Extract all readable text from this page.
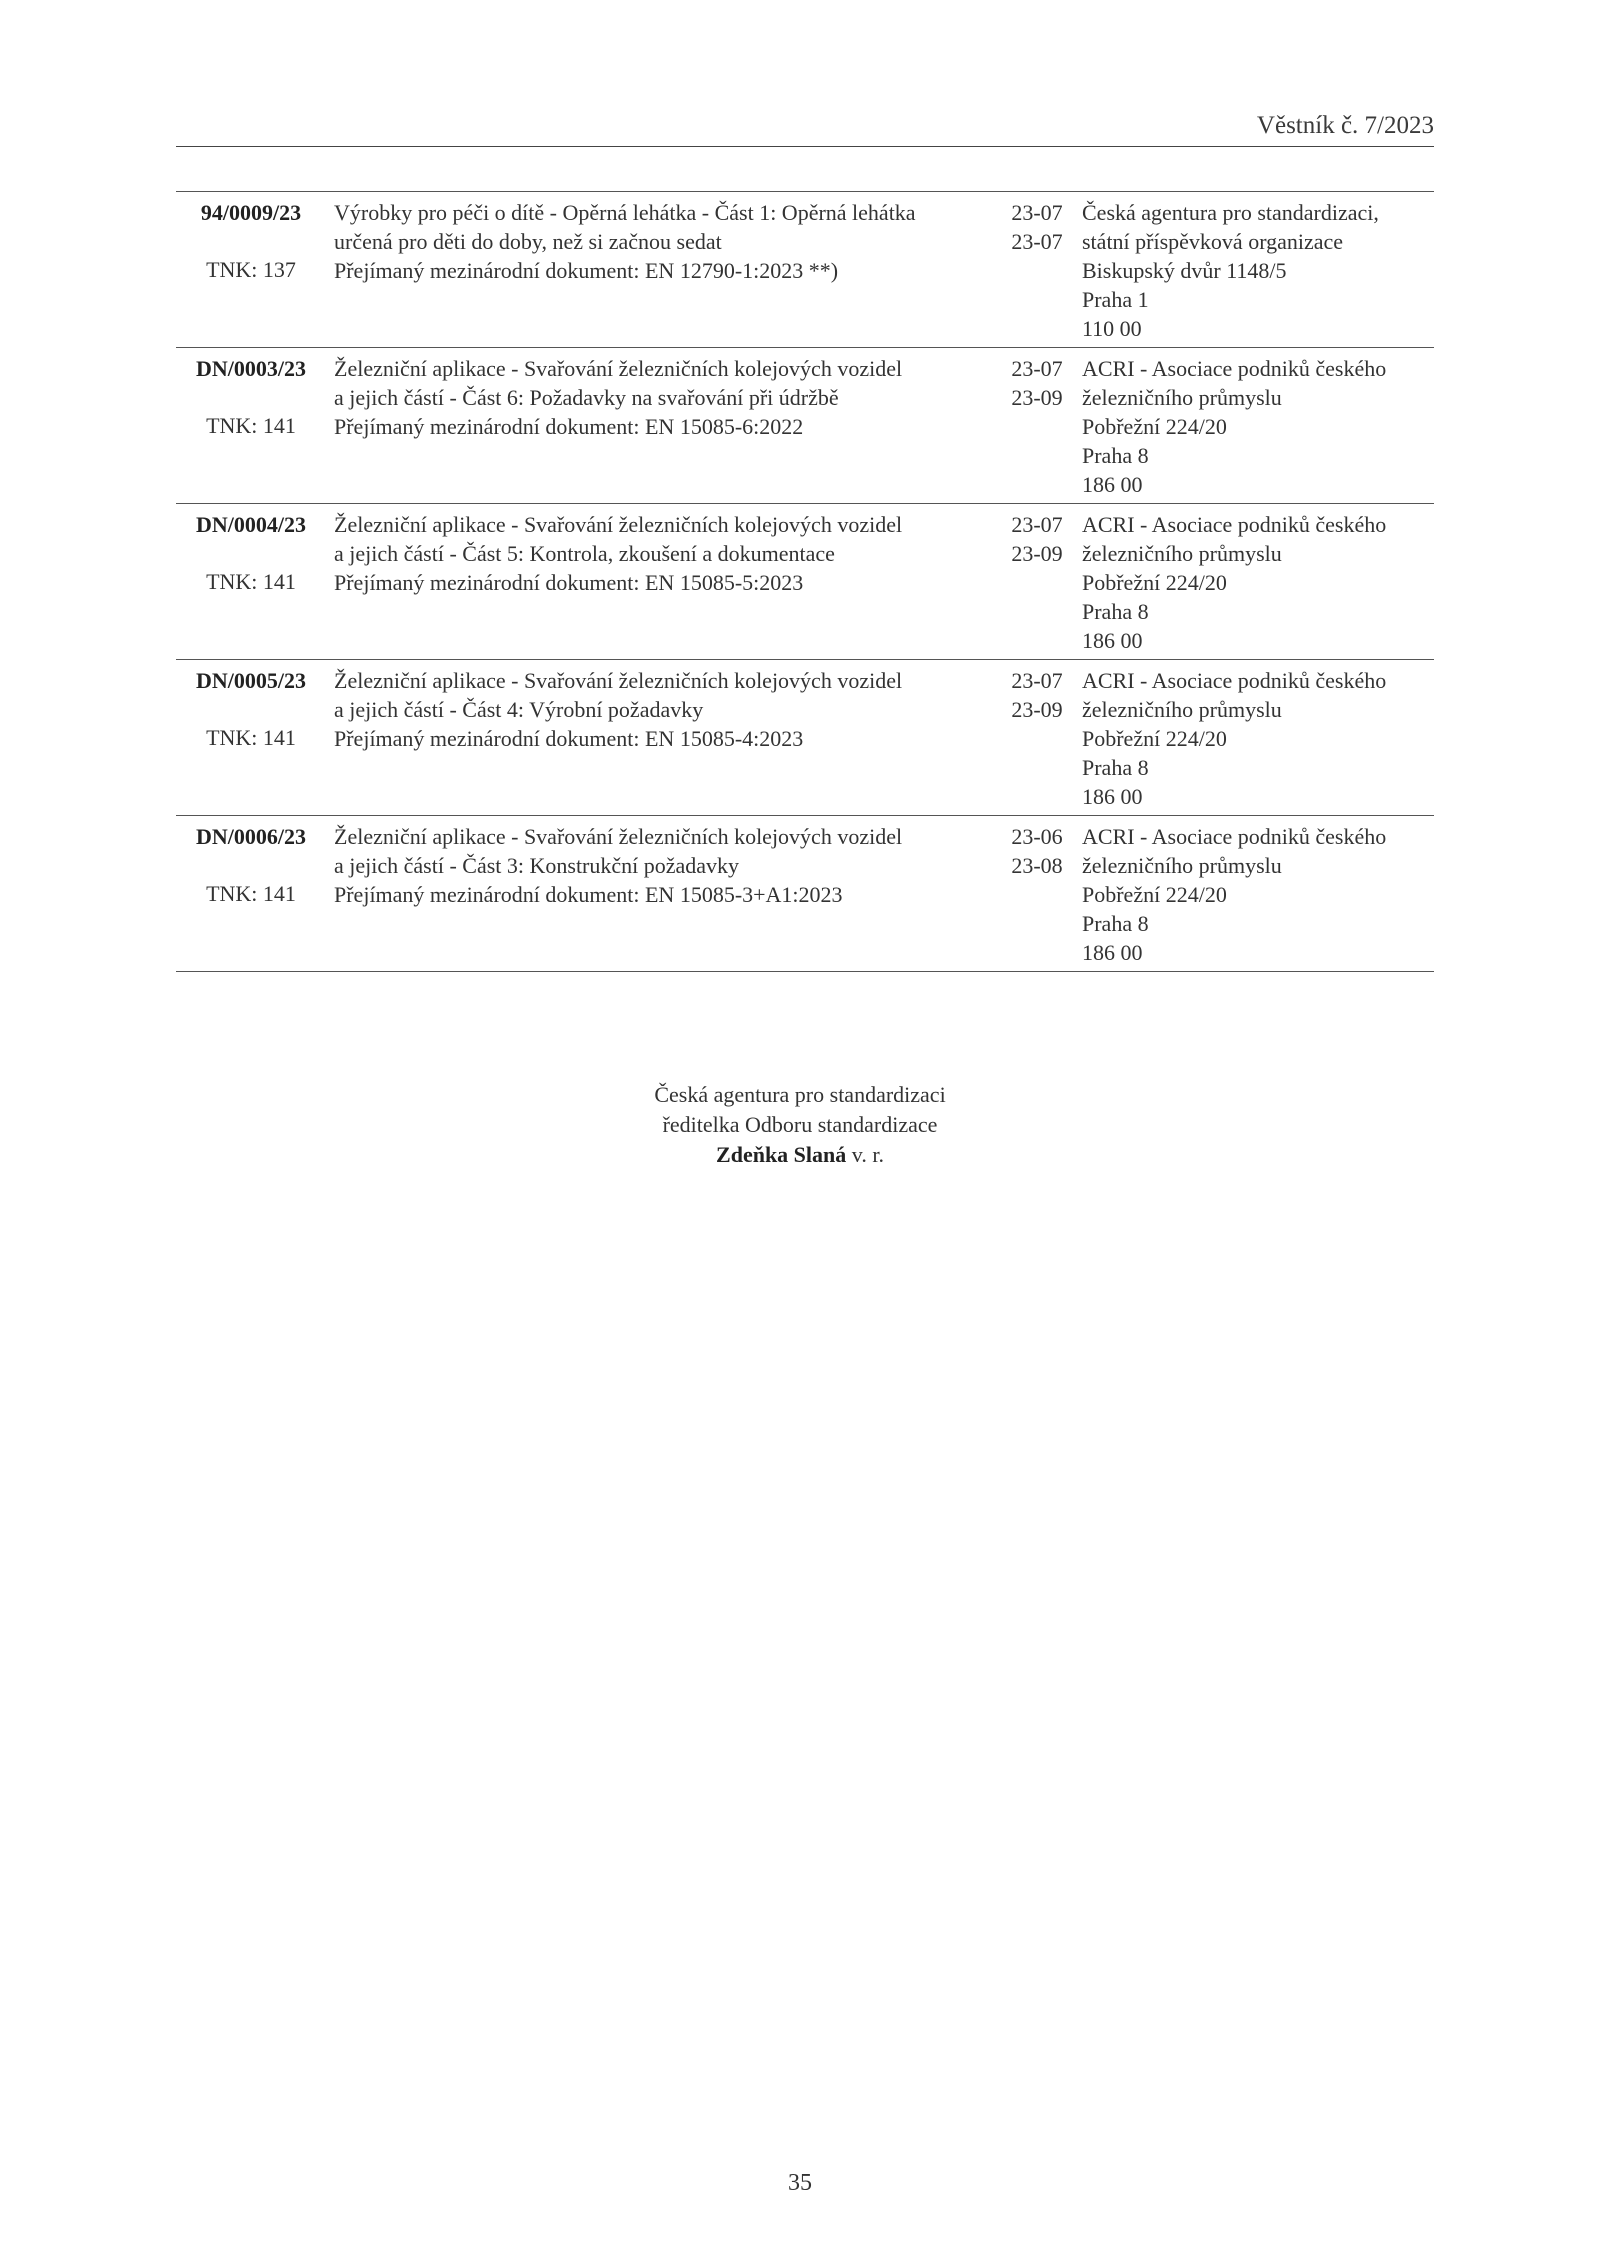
Věstník č. 7/2023
94/0009/23
TNK: 137
Výrobky pro péči o dítě - Opěrná lehátka - Část 1: Opěrná lehátka
určená pro děti do doby, než si začnou sedat
Přejímaný mezinárodní dokument: EN 12790-1:2023 **)
23-07
23-07
Česká agentura pro standardizaci,
státní příspěvková organizace
Biskupský dvůr 1148/5
Praha 1
110 00
DN/0003/23
TNK: 141
Železniční aplikace - Svařování železničních kolejových vozidel
a jejich částí - Část 6: Požadavky na svařování při údržbě
Přejímaný mezinárodní dokument: EN 15085-6:2022
23-07
23-09
ACRI - Asociace podniků českého
železničního průmyslu
Pobřežní 224/20
Praha 8
186 00
DN/0004/23
TNK: 141
Železniční aplikace - Svařování železničních kolejových vozidel
a jejich částí - Část 5: Kontrola, zkoušení a dokumentace
Přejímaný mezinárodní dokument: EN 15085-5:2023
23-07
23-09
ACRI - Asociace podniků českého
železničního průmyslu
Pobřežní 224/20
Praha 8
186 00
DN/0005/23
TNK: 141
Železniční aplikace - Svařování železničních kolejových vozidel
a jejich částí - Část 4: Výrobní požadavky
Přejímaný mezinárodní dokument: EN 15085-4:2023
23-07
23-09
ACRI - Asociace podniků českého
železničního průmyslu
Pobřežní 224/20
Praha 8
186 00
DN/0006/23
TNK: 141
Železniční aplikace - Svařování železničních kolejových vozidel
a jejich částí - Část 3: Konstrukční požadavky
Přejímaný mezinárodní dokument: EN 15085-3+A1:2023
23-06
23-08
ACRI - Asociace podniků českého
železničního průmyslu
Pobřežní 224/20
Praha 8
186 00
Česká agentura pro standardizaci
ředitelka Odboru standardizace
Zdeňka Slaná v. r.
35
